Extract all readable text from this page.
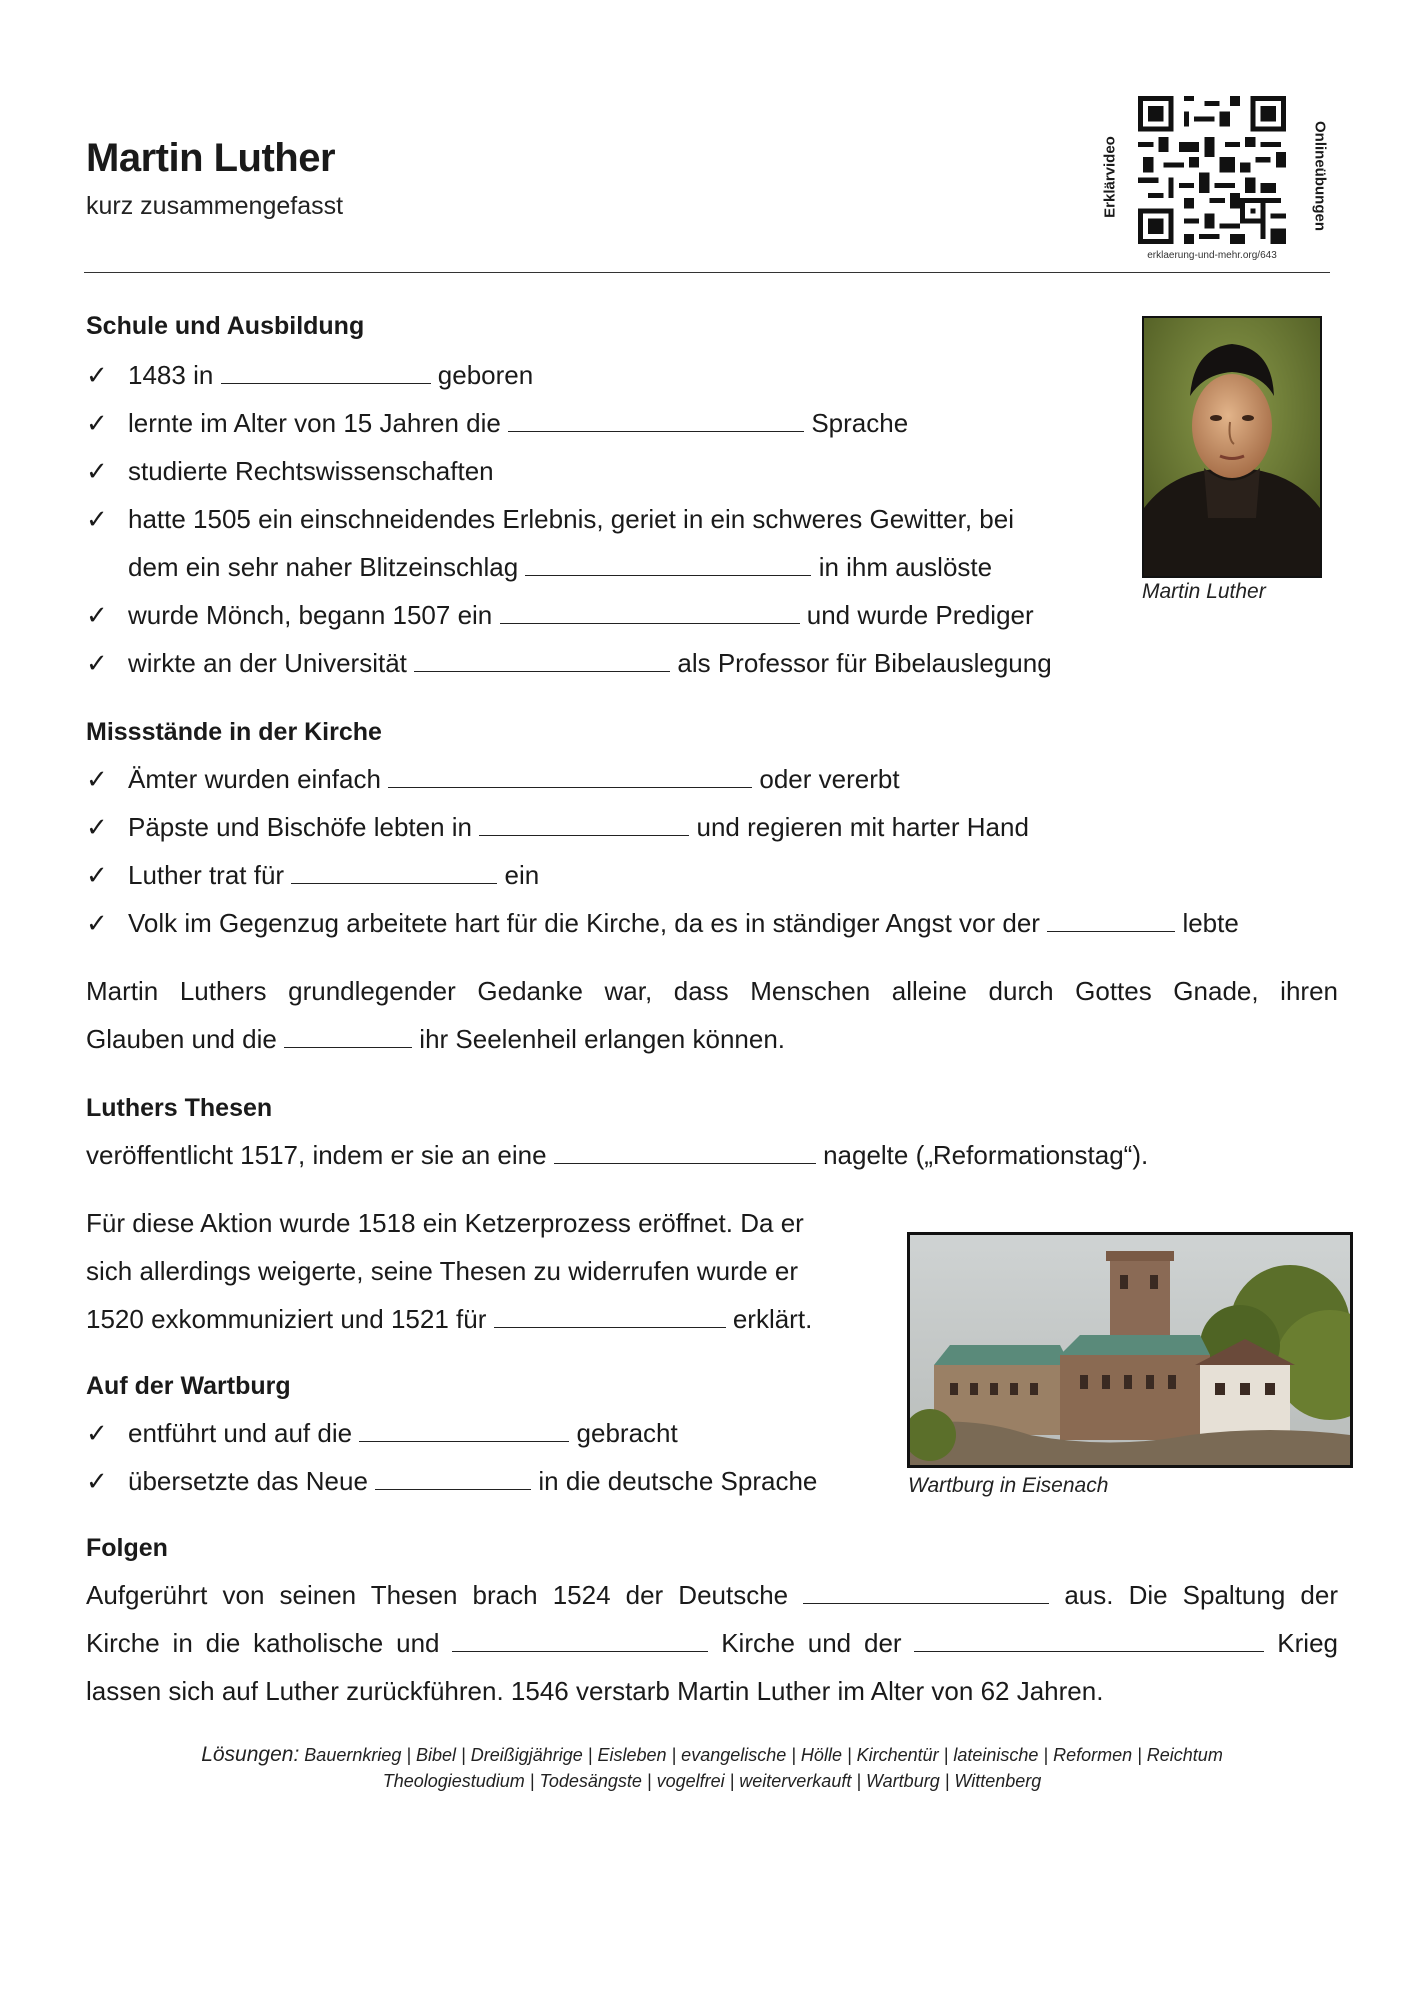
Martin Luther
kurz zusammengefasst	Erklärvideo	Onlineübungen
erklaerung-und-mehr.org/643
Schule und Ausbildung
✓ 1483 in	geboren
✓ lernte im Alter von 15 Jahren die	Sprache
✓ studierte Rechtswissenschaften
✓ hatte 1505 ein einschneidendes Erlebnis, geriet in ein schweres Gewitter, bei
dem ein sehr naher Blitzeinschlag	in ihm auslöste
✓ wurde Mönch, begann 1507 ein	und wurde Prediger
✓ wirkte an der Universität	als Professor für Bibelauslegung
Martin Luther
Missstände in der Kirche
✓ Ämter wurden einfach	oder vererbt
✓ Päpste und Bischöfe lebten in	und regieren mit harter Hand
✓ Luther trat für	ein
✓ Volk im Gegenzug arbeitete hart für die Kirche, da es in ständiger Angst vor der	lebte
Martin Luthers grundlegender Gedanke war, dass Menschen alleine durch Gottes Gnade, ihren
Glauben und die	ihr Seelenheil erlangen können.
Luthers Thesen
veröffentlicht 1517, indem er sie an eine	nagelte („Reformationstag“).
Für diese Aktion wurde 1518 ein Ketzerprozess eröffnet. Da er
sich allerdings weigerte, seine Thesen zu widerrufen wurde er
1520 exkommuniziert und 1521 für	erklärt.
Wartburg in Eisenach
Auf der Wartburg
✓ entführt und auf die	gebracht
✓ übersetzte das Neue	in die deutsche Sprache
Folgen
Aufgerührt von seinen Thesen brach 1524 der Deutsche	aus. Die Spaltung der
Kirche in die katholische und	Kirche und der	Krieg
lassen sich auf Luther zurückführen. 1546 verstarb Martin Luther im Alter von 62 Jahren.
Lösungen: Bauernkrieg | Bibel | Dreißigjährige | Eisleben | evangelische | Hölle | Kirchentür | lateinische | Reformen | Reichtum
Theologiestudium | Todesängste | vogelfrei | weiterverkauft | Wartburg | Wittenberg
